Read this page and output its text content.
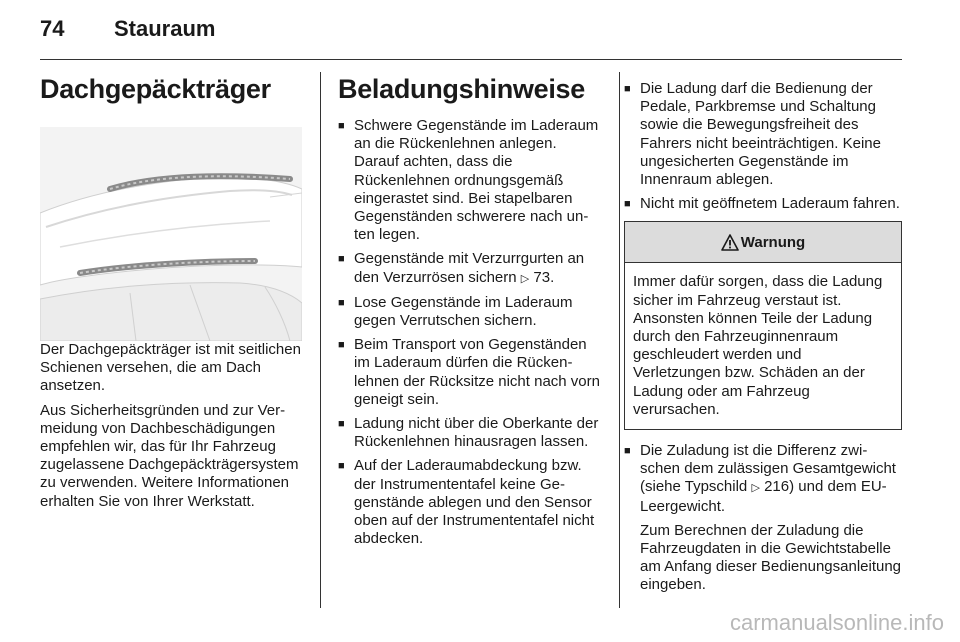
74 Stauraum
Dachgepäckträger

Der Dachgepäckträger ist mit seitlichen Schienen versehen, die am Dach ansetzen.

Aus Sicherheitsgründen und zur Vermeidung von Dachbeschädigungen empfehlen wir, das für Ihr Fahrzeug zugelassene Dachgepäckträgersystem zu verwenden. Weitere Informationen erhalten Sie von Ihrer Werkstatt.

Beladungshinweise
■ Schwere Gegenstände im Laderaum an die Rückenlehnen anlegen. Darauf achten, dass die Rückenlehnen ordnungsgemäß eingerastet sind. Bei stapelbaren Gegenständen schwerere nach unten legen.
■ Gegenstände mit Verzurrgurten an den Verzurrösen sichern ▷ 73.
■ Lose Gegenstände im Laderaum gegen Verrutschen sichern.
■ Beim Transport von Gegenständen im Laderaum dürfen die Rückenlehnen der Rücksitze nicht nach vorn geneigt sein.
■ Ladung nicht über die Oberkante der Rückenlehnen hinausragen lassen.
■ Auf der Laderaumabdeckung bzw. der Instrumententafel keine Gegenstände ablegen und den Sensor oben auf der Instrumententafel nicht abdecken.
■ Die Ladung darf die Bedienung der Pedale, Parkbremse und Schaltung sowie die Bewegungsfreiheit des Fahrers nicht beeinträchtigen. Keine ungesicherten Gegenstände im Innenraum ablegen.
■ Nicht mit geöffnetem Laderaum fahren.
Warnung
Immer dafür sorgen, dass die Ladung sicher im Fahrzeug verstaut ist. Ansonsten können Teile der Ladung durch den Fahrzeuginnenraum geschleudert werden und Verletzungen bzw. Schäden an der Ladung oder am Fahrzeug verursachen.
■ Die Zuladung ist die Differenz zwischen dem zulässigen Gesamtgewicht (siehe Typschild ▷ 216) und dem EU-Leergewicht.

Zum Berechnen der Zuladung die Fahrzeugdaten in die Gewichtstabelle am Anfang dieser Bedienungsanleitung eingeben.

carmanualsonline.info
